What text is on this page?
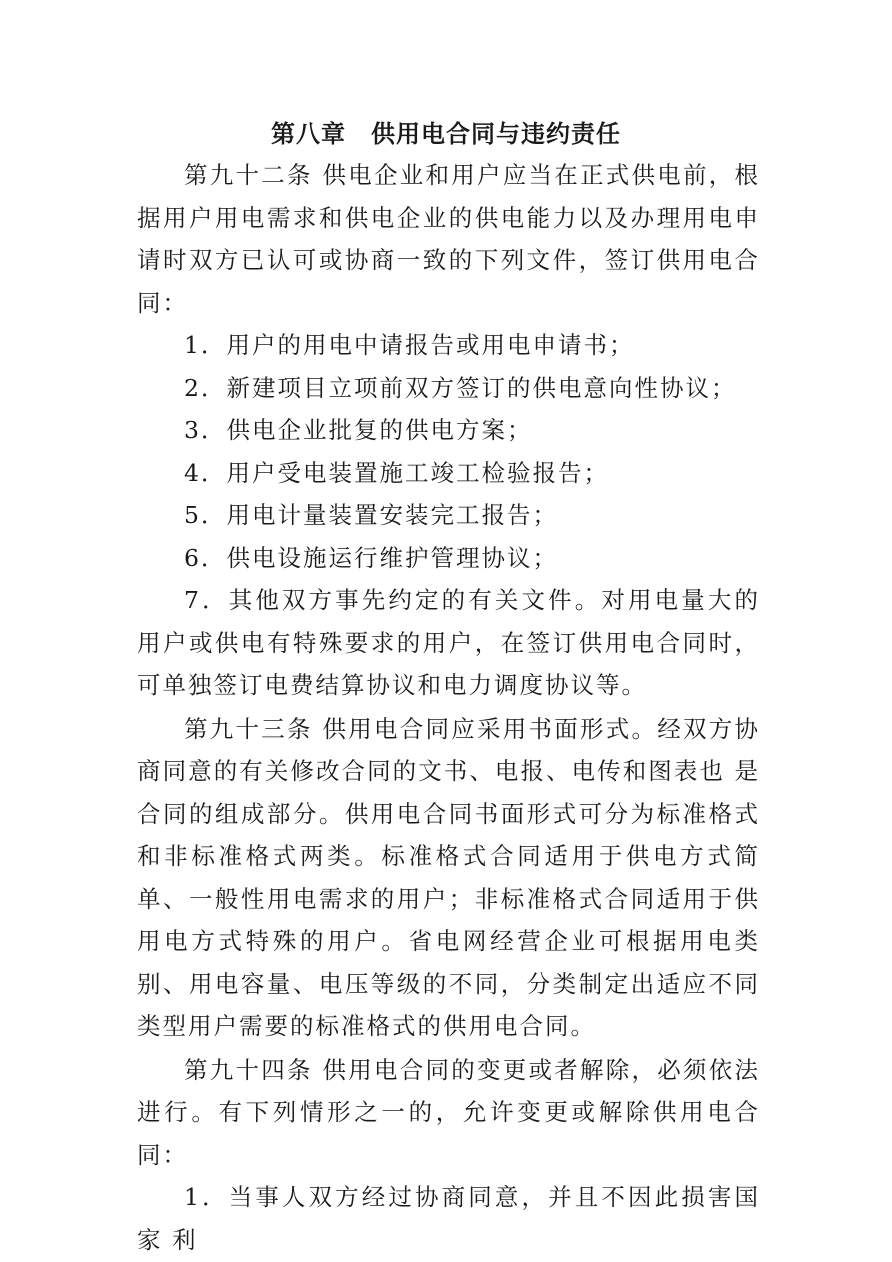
第八章　供用电合同与违约责任

第九十二条 供电企业和用户应当在正式供电前，根据用户用电需求和供电企业的供电能力以及办理用电申请时双方已认可或协商一致的下列文件，签订供用电合同：

1．用户的用电中请报告或用电申请书；

2．新建项目立项前双方签订的供电意向性协议；

3．供电企业批复的供电方案；

4．用户受电装置施工竣工检验报告；

5．用电计量装置安装完工报告；

6．供电设施运行维护管理协议；

7．其他双方事先约定的有关文件。对用电量大的用户或供电有特殊要求的用户，在签订供用电合同时，可单独签订电费结算协议和电力调度协议等。

第九十三条 供用电合同应采用书面形式。经双方协商同意的有关修改合同的文书、电报、电传和图表也 是合同的组成部分。供用电合同书面形式可分为标准格式和非标准格式两类。标准格式合同适用于供电方式简单、一般性用电需求的用户；非标准格式合同适用于供用电方式特殊的用户。省电网经营企业可根据用电类别、用电容量、电压等级的不同，分类制定出适应不同类型用户需要的标准格式的供用电合同。

第九十四条 供用电合同的变更或者解除，必须依法进行。有下列情形之一的，允许变更或解除供用电合同：

1．当事人双方经过协商同意，并且不因此损害国家 利
